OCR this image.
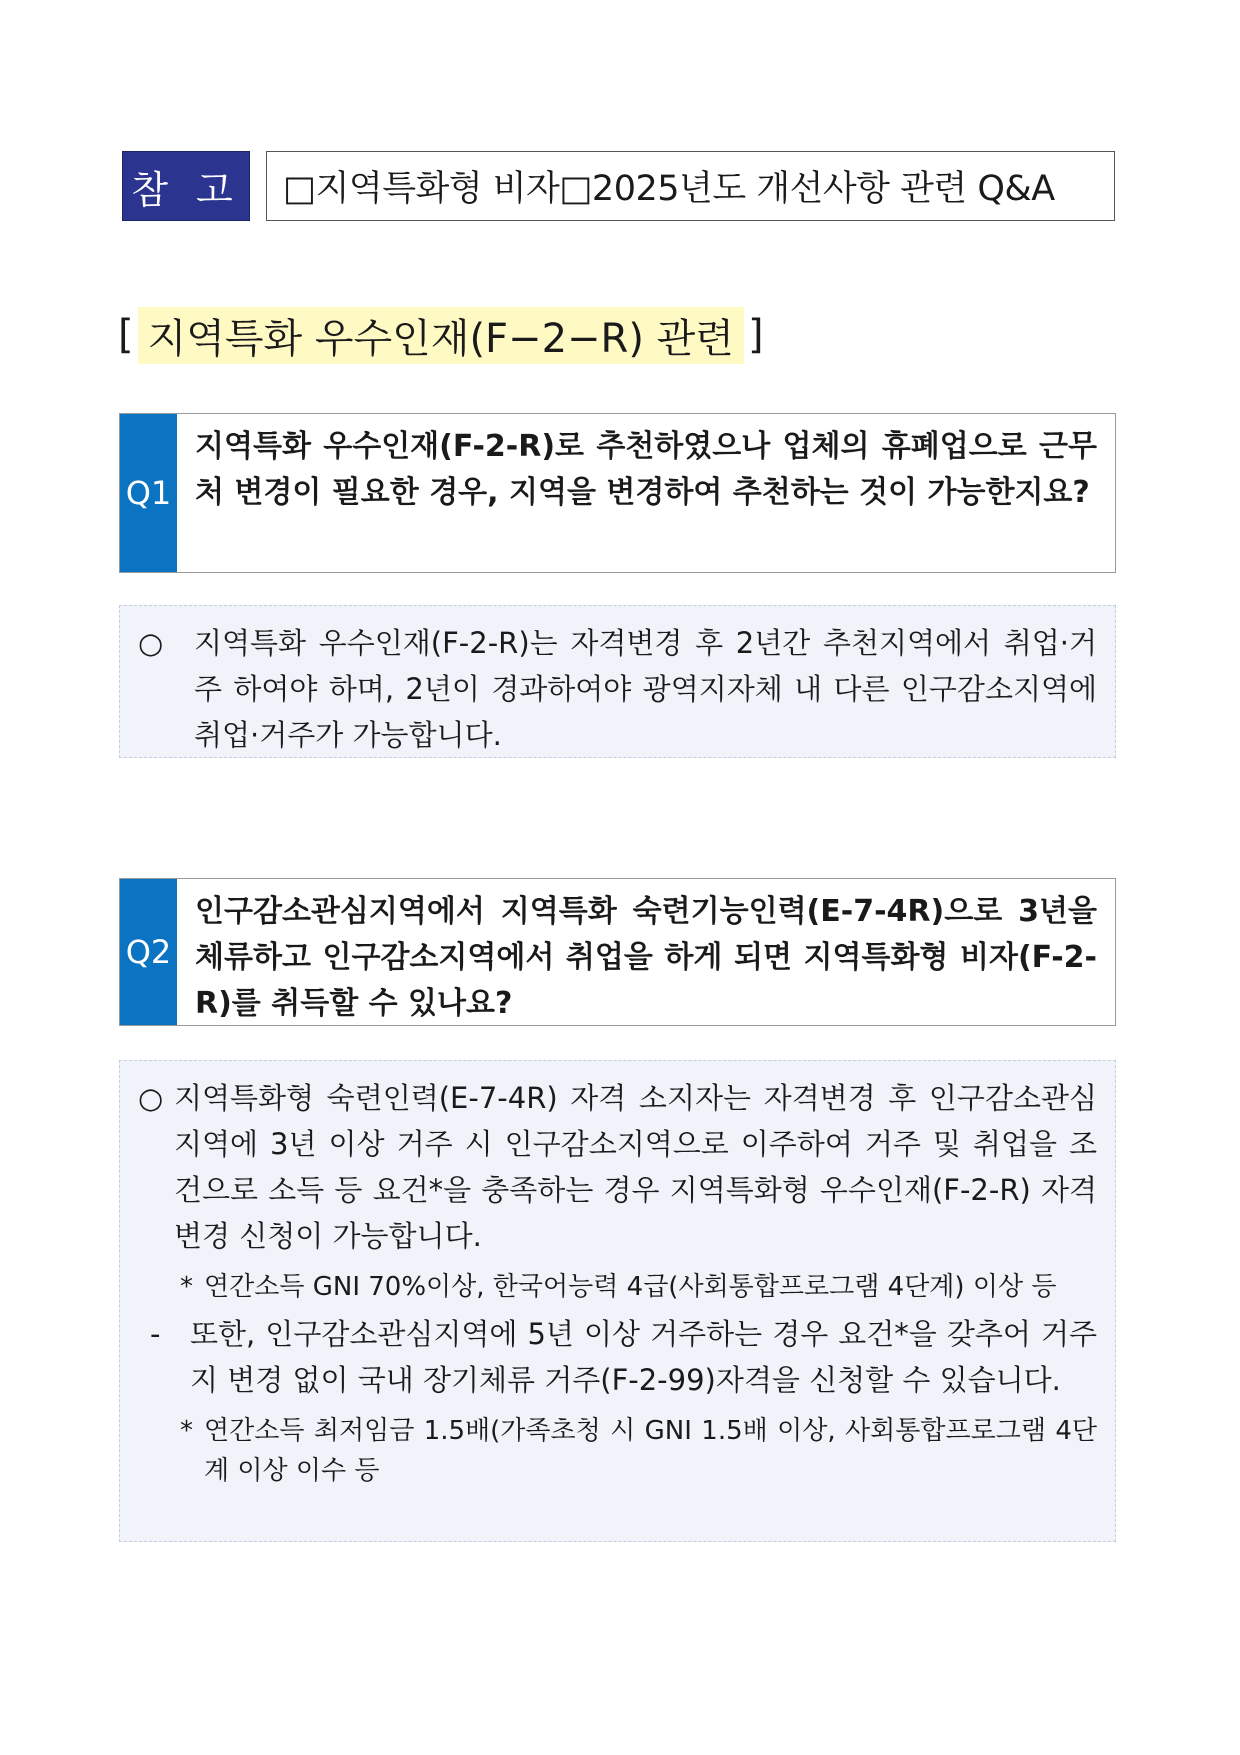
참 고	□지역특화형 비자□2025년도 개선사항 관련 Q&A
[ 지역특화 우수인재(F−2−R) 관련 ]
Q1
지역특화 우수인재(F-2-R)로 추천하였으나 업체의 휴폐업으로 근무처 변경이 필요한 경우, 지역을 변경하여 추천하는 것이 가능한지요?
○	지역특화 우수인재(F-2-R)는 자격변경 후 2년간 추천지역에서 취업·거주 하여야 하며, 2년이 경과하여야 광역지자체 내 다른 인구감소지역에 취업·거주가 가능합니다.
Q2
인구감소관심지역에서 지역특화 숙련기능인력(E-7-4R)으로 3년을 체류하고 인구감소지역에서 취업을 하게 되면 지역특화형 비자(F-2-R)를 취득할 수 있나요?
○ 지역특화형 숙련인력(E-7-4R) 자격 소지자는 자격변경 후 인구감소관심지역에 3년 이상 거주 시 인구감소지역으로 이주하여 거주 및 취업을 조건으로 소득 등 요건*을 충족하는 경우 지역특화형 우수인재(F-2-R) 자격변경 신청이 가능합니다.
* 연간소득 GNI 70%이상, 한국어능력 4급(사회통합프로그램 4단계) 이상 등
-	또한, 인구감소관심지역에 5년 이상 거주하는 경우 요건*을 갖추어 거주지 변경 없이 국내 장기체류 거주(F-2-99)자격을 신청할 수 있습니다.
* 연간소득 최저임금 1.5배(가족초청 시 GNI 1.5배 이상, 사회통합프로그램 4단계 이상 이수 등
